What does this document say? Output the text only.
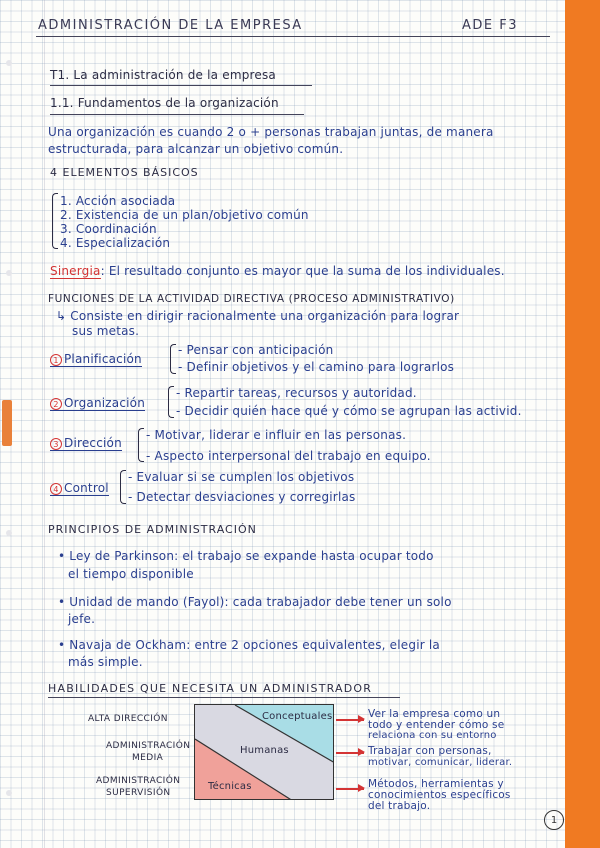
ADMINISTRACIÓN DE LA EMPRESA	ADE F3
T1. La administración de la empresa
1.1. Fundamentos de la organización
Una organización es cuando 2 o + personas trabajan juntas, de manera
estructurada, para alcanzar un objetivo común.
4 ELEMENTOS BÁSICOS
1. Acción asociada
2. Existencia de un plan/objetivo común
3. Coordinación
4. Especialización
Sinergia: El resultado conjunto es mayor que la suma de los individuales.
FUNCIONES DE LA ACTIVIDAD DIRECTIVA (PROCESO ADMINISTRATIVO)
↳ Consiste en dirigir racionalmente una organización para lograr
sus metas.
1 Planificación
- Pensar con anticipación
- Definir objetivos y el camino para lograrlos
2 Organización
- Repartir tareas, recursos y autoridad.
- Decidir quién hace qué y cómo se agrupan las activid.
3 Dirección
- Motivar, liderar e influir en las personas.
- Aspecto interpersonal del trabajo en equipo.
4 Control
- Evaluar si se cumplen los objetivos
- Detectar desviaciones y corregirlas
PRINCIPIOS DE ADMINISTRACIÓN
• Ley de Parkinson: el trabajo se expande hasta ocupar todo
el tiempo disponible
• Unidad de mando (Fayol): cada trabajador debe tener un solo
jefe.
• Navaja de Ockham: entre 2 opciones equivalentes, elegir la
más simple.
HABILIDADES QUE NECESITA UN ADMINISTRADOR
ALTA DIRECCIÓN
ADMINISTRACIÓN
MEDIA
ADMINISTRACIÓN
SUPERVISIÓN
Conceptuales
Humanas
Técnicas
Ver la empresa como un
todo y entender cómo se
relaciona con su entorno
Trabajar con personas,
motivar, comunicar, liderar.
Métodos, herramientas y
conocimientos específicos
del trabajo.
1
